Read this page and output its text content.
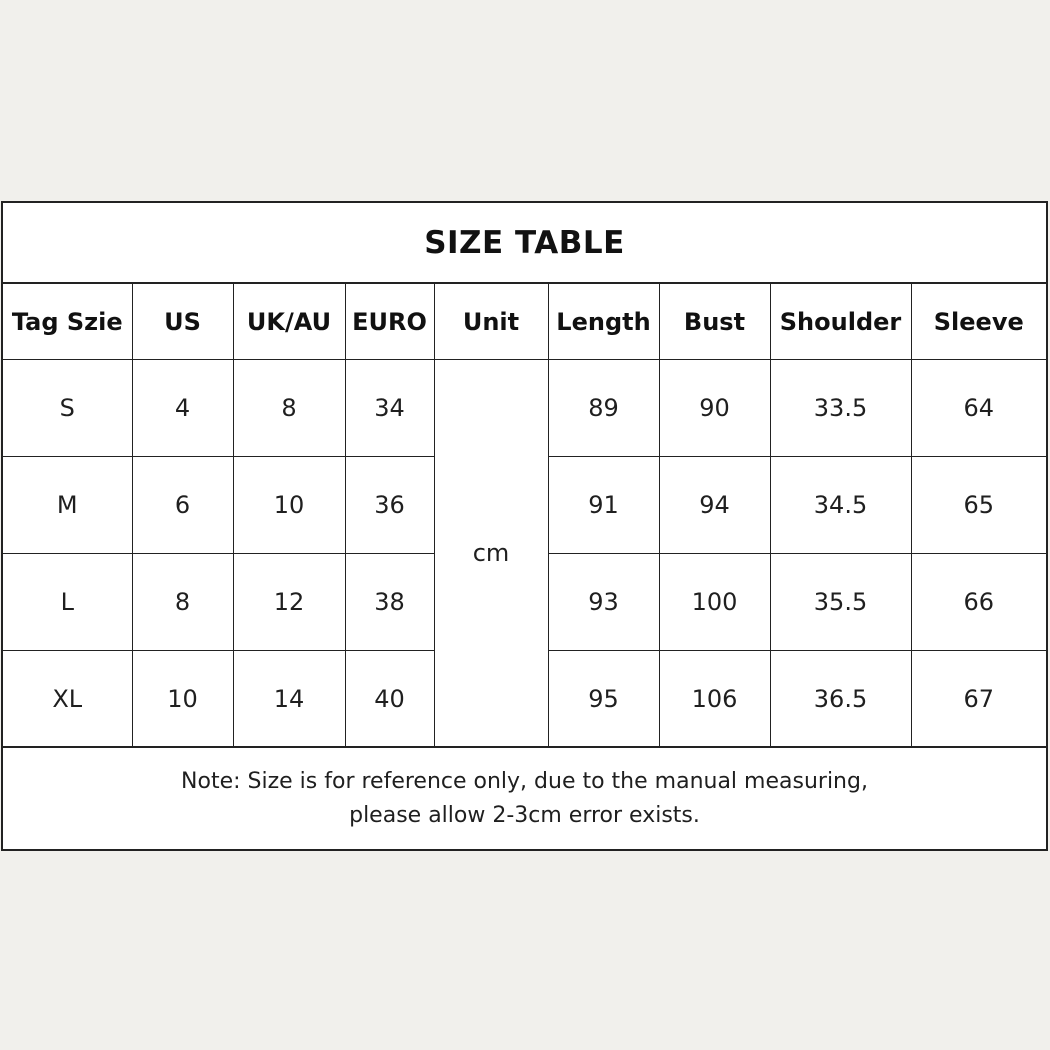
SIZE TABLE
Tag Szie	US	UK/AU	EURO	Unit	Length	Bust	Shoulder	Sleeve
S	4	8	34	cm	89	90	33.5	64
M	6	10	36		91	94	34.5	65
L	8	12	38		93	100	35.5	66
XL	10	14	40		95	106	36.5	67
Note: Size is for reference only, due to the manual measuring,
please allow 2-3cm error exists.
